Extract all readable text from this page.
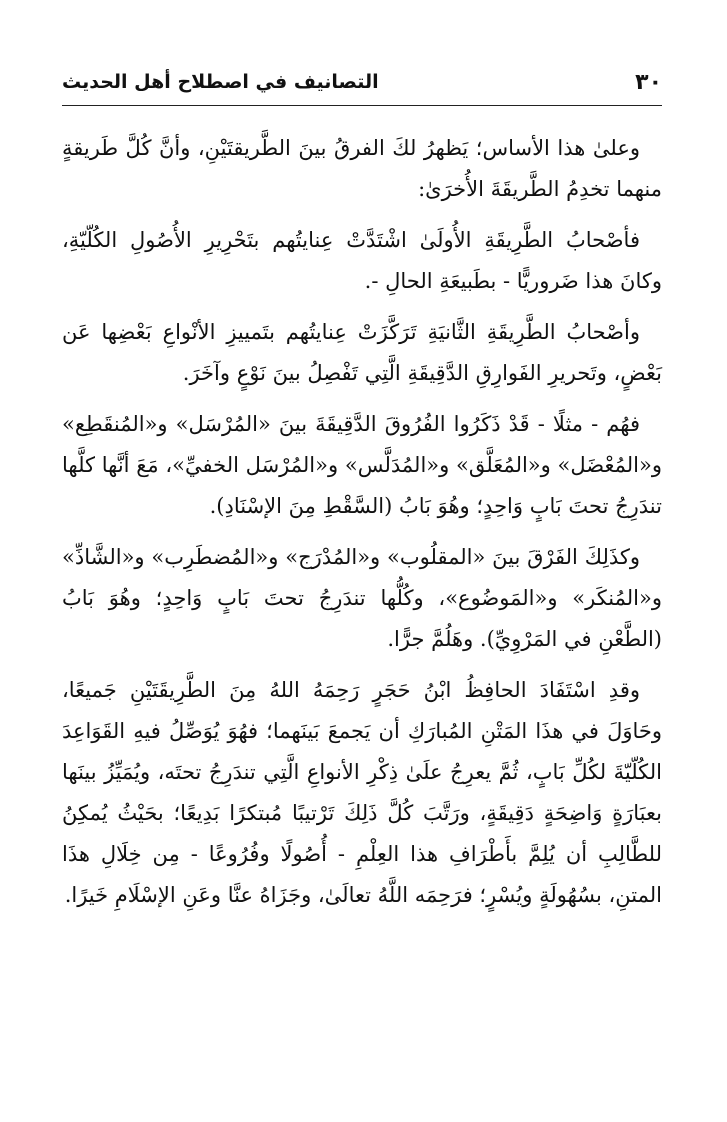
٣٠
التصانيف في اصطلاح أهل الحديث

وعلىٰ هذا الأساس؛ يَظهرُ لكَ الفرقُ بينَ الطَّريقتَيْنِ، وأنَّ كُلَّ طَريقةٍ منهما تخدِمُ الطَّريقَةَ الأُخرَىٰ:

فأصْحابُ الطَّرِيقَةِ الأُولَىٰ اشْتَدَّتْ عِنايتُهم بتَحْرِيرِ الأُصُولِ الكُلّيّةِ، وكانَ هذا ضَروريًّا - بطَبيعَةِ الحالِ -.

وأصْحابُ الطَّرِيقَةِ الثَّانيَةِ تَرَكَّزَتْ عِنايتُهم بتَمييزِ الأنْواعِ بَعْضِها عَن بَعْضٍ، وتَحريرِ الفَوارِقِ الدَّقِيقَةِ الَّتِي تَفْصِلُ بينَ نَوْعٍ وآخَرَ.

فهُم - مثلًا - قَدْ ذَكَرُوا الفُرُوقَ الدَّقِيقَةَ بينَ «المُرْسَل» و«المُنقَطِع» و«المُعْضَل» و«المُعَلَّق» و«المُدَلَّس» و«المُرْسَل الخفيِّ»، مَعَ أنَّها كلَّها تندَرِجُ تحتَ بَابٍ وَاحِدٍ؛ وهُوَ بَابُ (السَّقْطِ مِنَ الإسْنَادِ).

وكذَلِكَ الفَرْقَ بينَ «المقلُوب» و«المُدْرَج» و«المُضطَرِب» و«الشَّاذِّ» و«المُنكَر» و«المَوضُوع»، وكُلُّها تندَرِجُ تحتَ بَابٍ وَاحِدٍ؛ وهُوَ بَابُ (الطَّعْنِ في المَرْوِيِّ). وهَلُمَّ جرًّا.

وقدِ اسْتَفَادَ الحافِظُ ابْنُ حَجَرٍ رَحِمَهُ اللهُ مِنَ الطَّرِيقَتَيْنِ جَميعًا، وحَاوَلَ في هذَا المَتْنِ المُبارَكِ أن يَجمعَ بَينَهما؛ فهُوَ يُوَصِّلُ فيهِ القَوَاعِدَ الكُلّيّةَ لكُلِّ بَابٍ، ثُمَّ يعرِجُ علَىٰ ذِكْرِ الأنواعِ الَّتِي تندَرِجُ تحتَه، ويُمَيِّزُ بينَها بعبَارَةٍ وَاضِحَةٍ دَقِيقَةٍ، ورَتَّبَ كُلَّ ذَلِكَ تَرْتيبًا مُبتكرًا بَدِيعًا؛ بحَيْثُ يُمكِنُ للطَّالِبِ أن يُلِمَّ بأَطْرَافِ هذا العِلْمِ - أُصُولًا وفُرُوعًا - مِن خِلَالِ هذَا المتنِ، بسُهُولَةٍ ويُسْرٍ؛ فرَحِمَه اللَّهُ تعالَىٰ، وجَزَاهُ عنَّا وعَنِ الإسْلَامِ خَيرًا.
